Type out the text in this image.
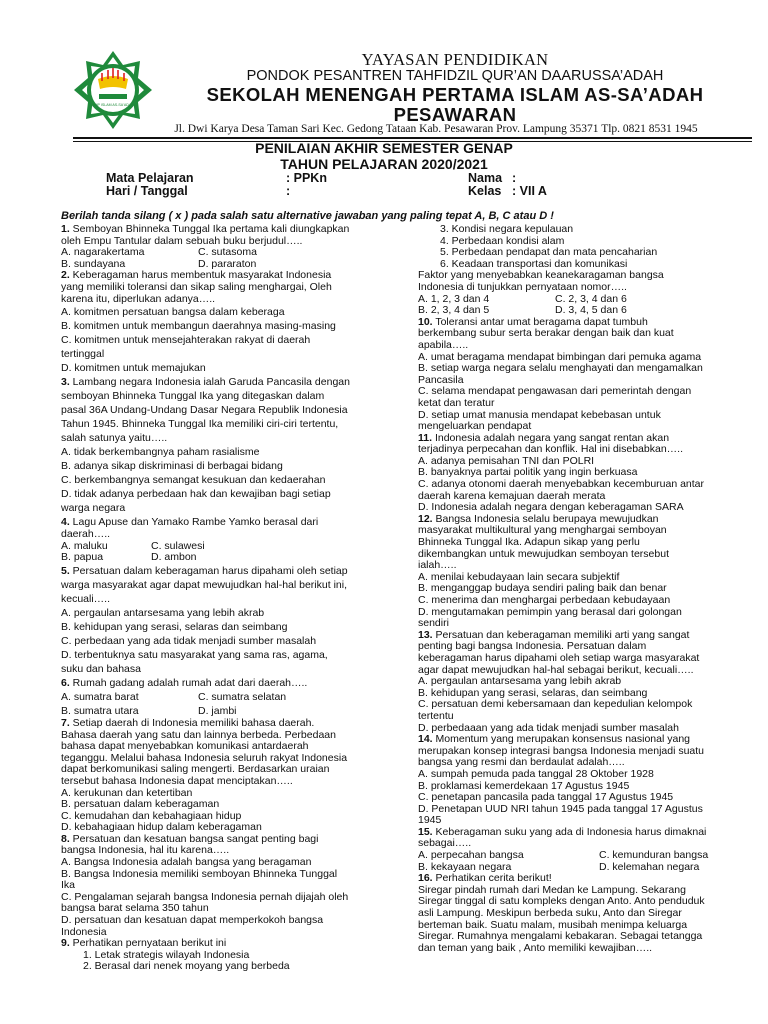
SMP ISLAM AS-SA'ADAH
YAYASAN PENDIDIKAN
PONDOK PESANTREN TAHFIDZIL QUR’AN DAARUSSA’ADAH
SEKOLAH MENENGAH PERTAMA ISLAM AS-SA’ADAH
PESAWARAN
Jl. Dwi Karya Desa Taman Sari Kec. Gedong Tataan Kab. Pesawaran Prov. Lampung 35371 Tlp. 0821 8531 1945
PENILAIAN AKHIR SEMESTER GENAP
TAHUN PELAJARAN 2020/2021
Mata Pelajaran	: PPKn
Hari / Tanggal	:
Nama :
Kelas : VII A
Berilah tanda silang ( x ) pada salah satu alternative jawaban yang paling tepat A, B, C atau D !
1. Semboyan Bhinneka Tunggal Ika pertama kali diungkapkan
oleh Empu Tantular dalam sebuah buku berjudul…..
A. nagarakertama	C. sutasoma
B. sundayana	D. pararaton
2. Keberagaman harus membentuk masyarakat Indonesia
yang memiliki toleransi dan sikap saling menghargai, Oleh
karena itu, diperlukan adanya…..
A. komitmen persatuan bangsa dalam keberaga
B. komitmen untuk membangun daerahnya masing-masing
C. komitmen untuk mensejahterakan rakyat di daerah
tertinggal
D. komitmen untuk memajukan
3. Lambang negara Indonesia ialah Garuda Pancasila dengan
semboyan Bhinneka Tunggal Ika yang ditegaskan dalam
pasal 36A Undang-Undang Dasar Negara Republik Indonesia
Tahun 1945. Bhinneka Tunggal Ika memiliki ciri-ciri tertentu,
salah satunya yaitu…..
A. tidak berkembangnya paham rasialisme
B. adanya sikap diskriminasi di berbagai bidang
C. berkembangnya semangat kesukuan dan kedaerahan
D. tidak adanya perbedaan hak dan kewajiban bagi setiap
warga negara
4. Lagu Apuse dan Yamako Rambe Yamko berasal dari
daerah…..
A. maluku	C. sulawesi
B. papua	D. ambon
5. Persatuan dalam keberagaman harus dipahami oleh setiap
warga masyarakat agar dapat mewujudkan hal-hal berikut ini,
kecuali…..
A. pergaulan antarsesama yang lebih akrab
B. kehidupan yang serasi, selaras dan seimbang
C. perbedaan yang ada tidak menjadi sumber masalah
D. terbentuknya satu masyarakat yang sama ras, agama,
suku dan bahasa
6. Rumah gadang adalah rumah adat dari daerah…..
A. sumatra barat	C. sumatra selatan
B. sumatra utara	D. jambi
7. Setiap daerah di Indonesia memiliki bahasa daerah.
Bahasa daerah yang satu dan lainnya berbeda. Perbedaan
bahasa dapat menyebabkan komunikasi antardaerah
teganggu. Melalui bahasa Indonesia seluruh rakyat Indonesia
dapat berkomunikasi saling mengerti. Berdasarkan uraian
tersebut bahasa Indonesia dapat menciptakan…..
A. kerukunan dan ketertiban
B. persatuan dalam keberagaman
C. kemudahan dan kebahagiaan hidup
D. kebahagiaan hidup dalam keberagaman
8. Persatuan dan kesatuan bangsa sangat penting bagi
bangsa Indonesia, hal itu karena…..
A. Bangsa Indonesia adalah bangsa yang beragaman
B. Bangsa Indonesia memiliki semboyan Bhinneka Tunggal
Ika
C. Pengalaman sejarah bangsa Indonesia pernah dijajah oleh
bangsa barat selama 350 tahun
D. persatuan dan kesatuan dapat memperkokoh bangsa
Indonesia
9. Perhatikan pernyataan berikut ini
1. Letak strategis wilayah Indonesia
2. Berasal dari nenek moyang yang berbeda
3. Kondisi negara kepulauan
4. Perbedaan kondisi alam
5. Perbedaan pendapat dan mata pencaharian
6. Keadaan transportasi dan komunikasi
Faktor yang menyebabkan keanekaragaman bangsa
Indonesia di tunjukkan pernyataan nomor…..
A. 1, 2, 3 dan 4	C. 2, 3, 4 dan 6
B. 2, 3, 4 dan 5	D. 3, 4, 5 dan 6
10. Toleransi antar umat beragama dapat tumbuh
berkembang subur serta berakar dengan baik dan kuat
apabila…..
A. umat beragama mendapat bimbingan dari pemuka agama
B. setiap warga negara selalu menghayati dan mengamalkan
Pancasila
C. selama mendapat pengawasan dari pemerintah dengan
ketat dan teratur
D. setiap umat manusia mendapat kebebasan untuk
mengeluarkan pendapat
11. Indonesia adalah negara yang sangat rentan akan
terjadinya perpecahan dan konflik. Hal ini disebabkan…..
A. adanya pemisahan TNI dan POLRI
B. banyaknya partai politik yang ingin berkuasa
C. adanya otonomi daerah menyebabkan kecemburuan antar
daerah karena kemajuan daerah merata
D. Indonesia adalah negara dengan keberagaman SARA
12. Bangsa Indonesia selalu berupaya mewujudkan
masyarakat multikultural yang menghargai semboyan
Bhinneka Tunggal Ika. Adapun sikap yang perlu
dikembangkan untuk mewujudkan semboyan tersebut
ialah…..
A. menilai kebudayaan lain secara subjektif
B. menganggap budaya sendiri paling baik dan benar
C. menerima dan menghargai perbedaan kebudayaan
D. mengutamakan pemimpin yang berasal dari golongan
sendiri
13. Persatuan dan keberagaman memiliki arti yang sangat
penting bagi bangsa Indonesia. Persatuan dalam
keberagaman harus dipahami oleh setiap warga masyarakat
agar dapat mewujudkan hal-hal sebagai berikut, kecuali…..
A. pergaulan antarsesama yang lebih akrab
B. kehidupan yang serasi, selaras, dan seimbang
C. persatuan demi kebersamaan dan kepedulian kelompok
tertentu
D. perbedaaan yang ada tidak menjadi sumber masalah
14. Momentum yang merupakan konsensus nasional yang
merupakan konsep integrasi bangsa Indonesia menjadi suatu
bangsa yang resmi dan berdaulat adalah…..
A. sumpah pemuda pada tanggal 28 Oktober 1928
B. proklamasi kemerdekaan 17 Agustus 1945
C. penetapan pancasila pada tanggal 17 Agustus 1945
D. Penetapan UUD NRI tahun 1945 pada tanggal 17 Agustus
1945
15. Keberagaman suku yang ada di Indonesia harus dimaknai
sebagai…..
A. perpecahan bangsa	C. kemunduran bangsa
B. kekayaan negara	D. kelemahan negara
16. Perhatikan cerita berikut!
Siregar pindah rumah dari Medan ke Lampung. Sekarang
Siregar tinggal di satu kompleks dengan Anto. Anto penduduk
asli Lampung. Meskipun berbeda suku, Anto dan Siregar
berteman baik. Suatu malam, musibah menimpa keluarga
Siregar. Rumahnya mengalami kebakaran. Sebagai tetangga
dan teman yang baik , Anto memiliki kewajiban…..
